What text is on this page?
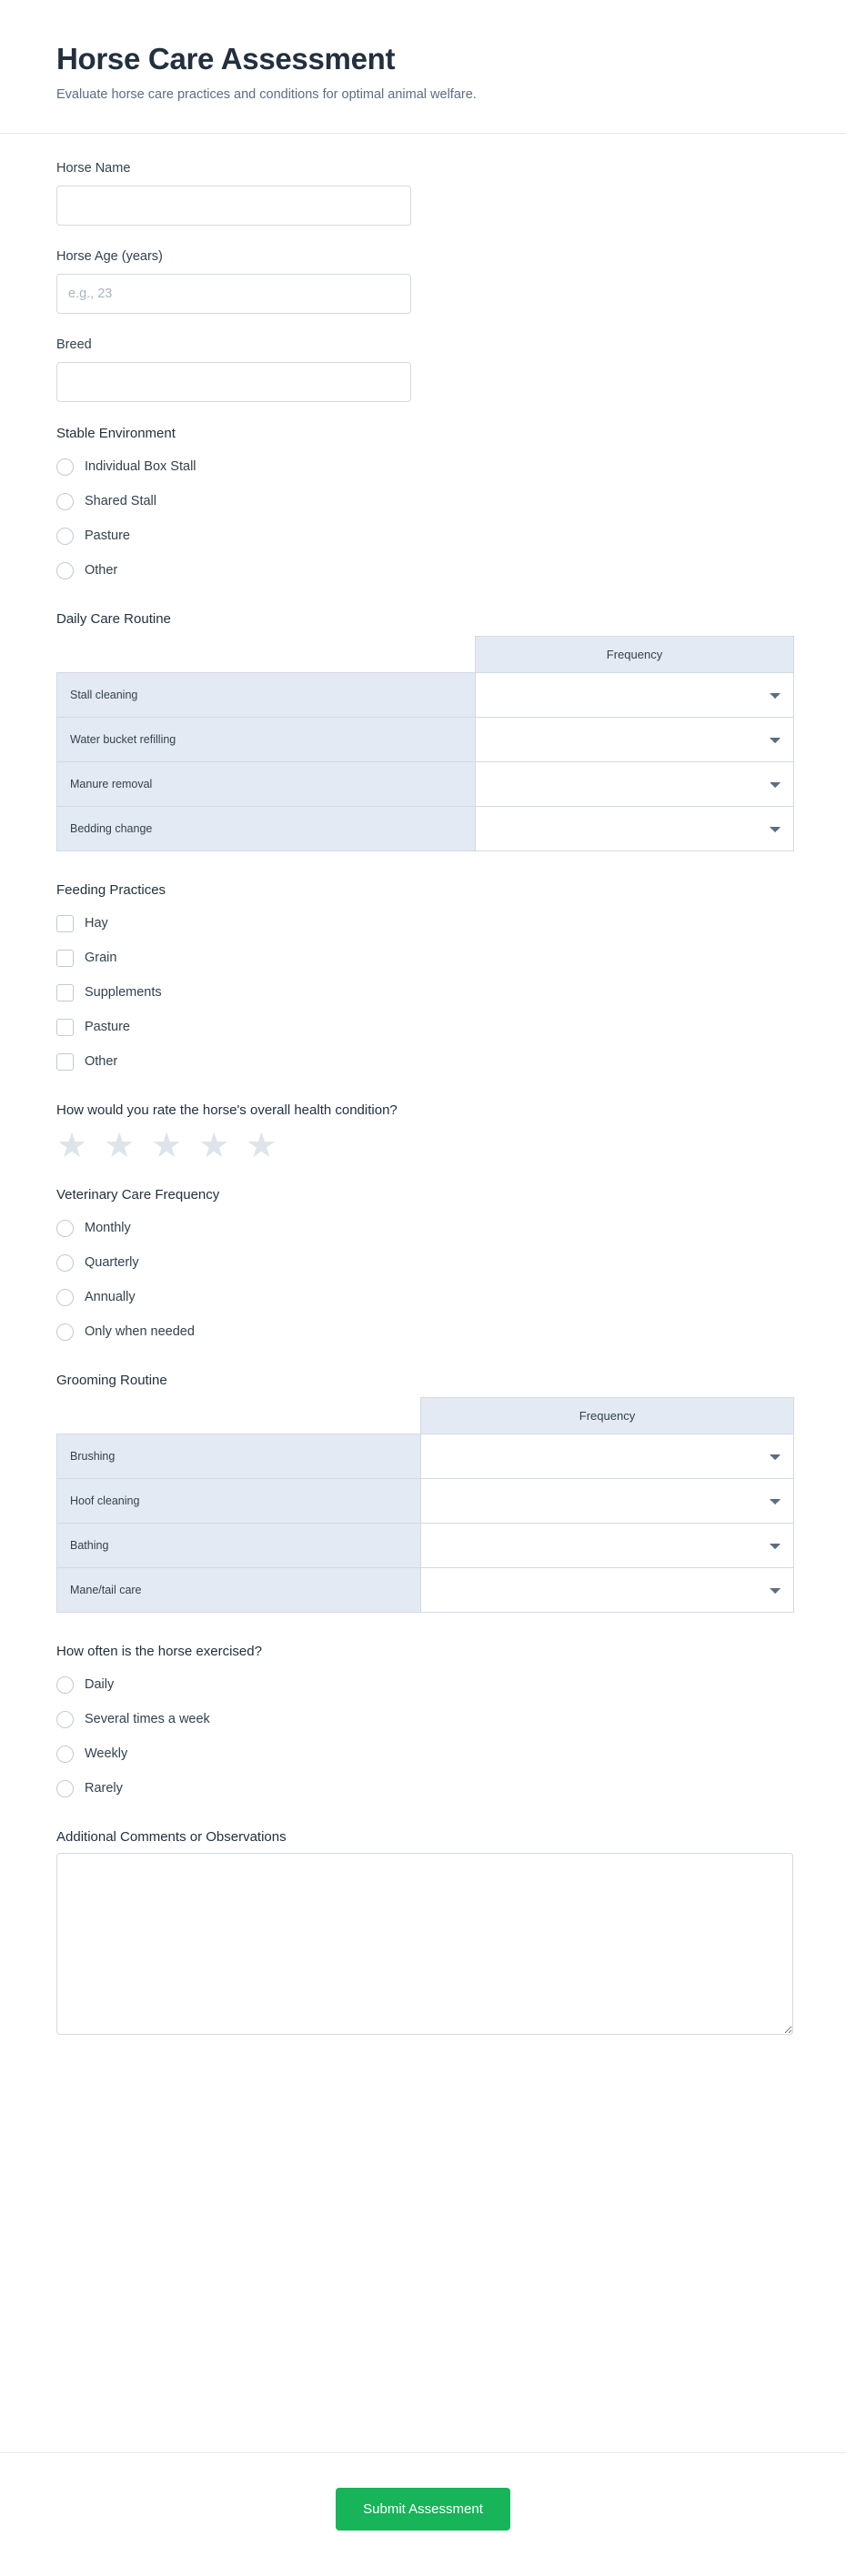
Horse Care Assessment

Evaluate horse care practices and conditions for optimal animal welfare.

Horse Name
Horse Age (years)
e.g., 23
Breed
Stable Environment
Individual Box Stall
Shared Stall
Pasture
Other
Daily Care Routine
	Frequency
Stall cleaning	

Water bucket refilling	

Manure removal	

Bedding change	
Feeding Practices
Hay
Grain
Supplements
Pasture
Other
How would you rate the horse's overall health condition?
★ ★ ★ ★ ★
Veterinary Care Frequency
Monthly
Quarterly
Annually
Only when needed
Grooming Routine
	Frequency
Brushing	

Hoof cleaning	

Bathing	

Mane/tail care	
How often is the horse exercised?
Daily
Several times a week
Weekly
Rarely
Additional Comments or Observations
Submit Assessment
